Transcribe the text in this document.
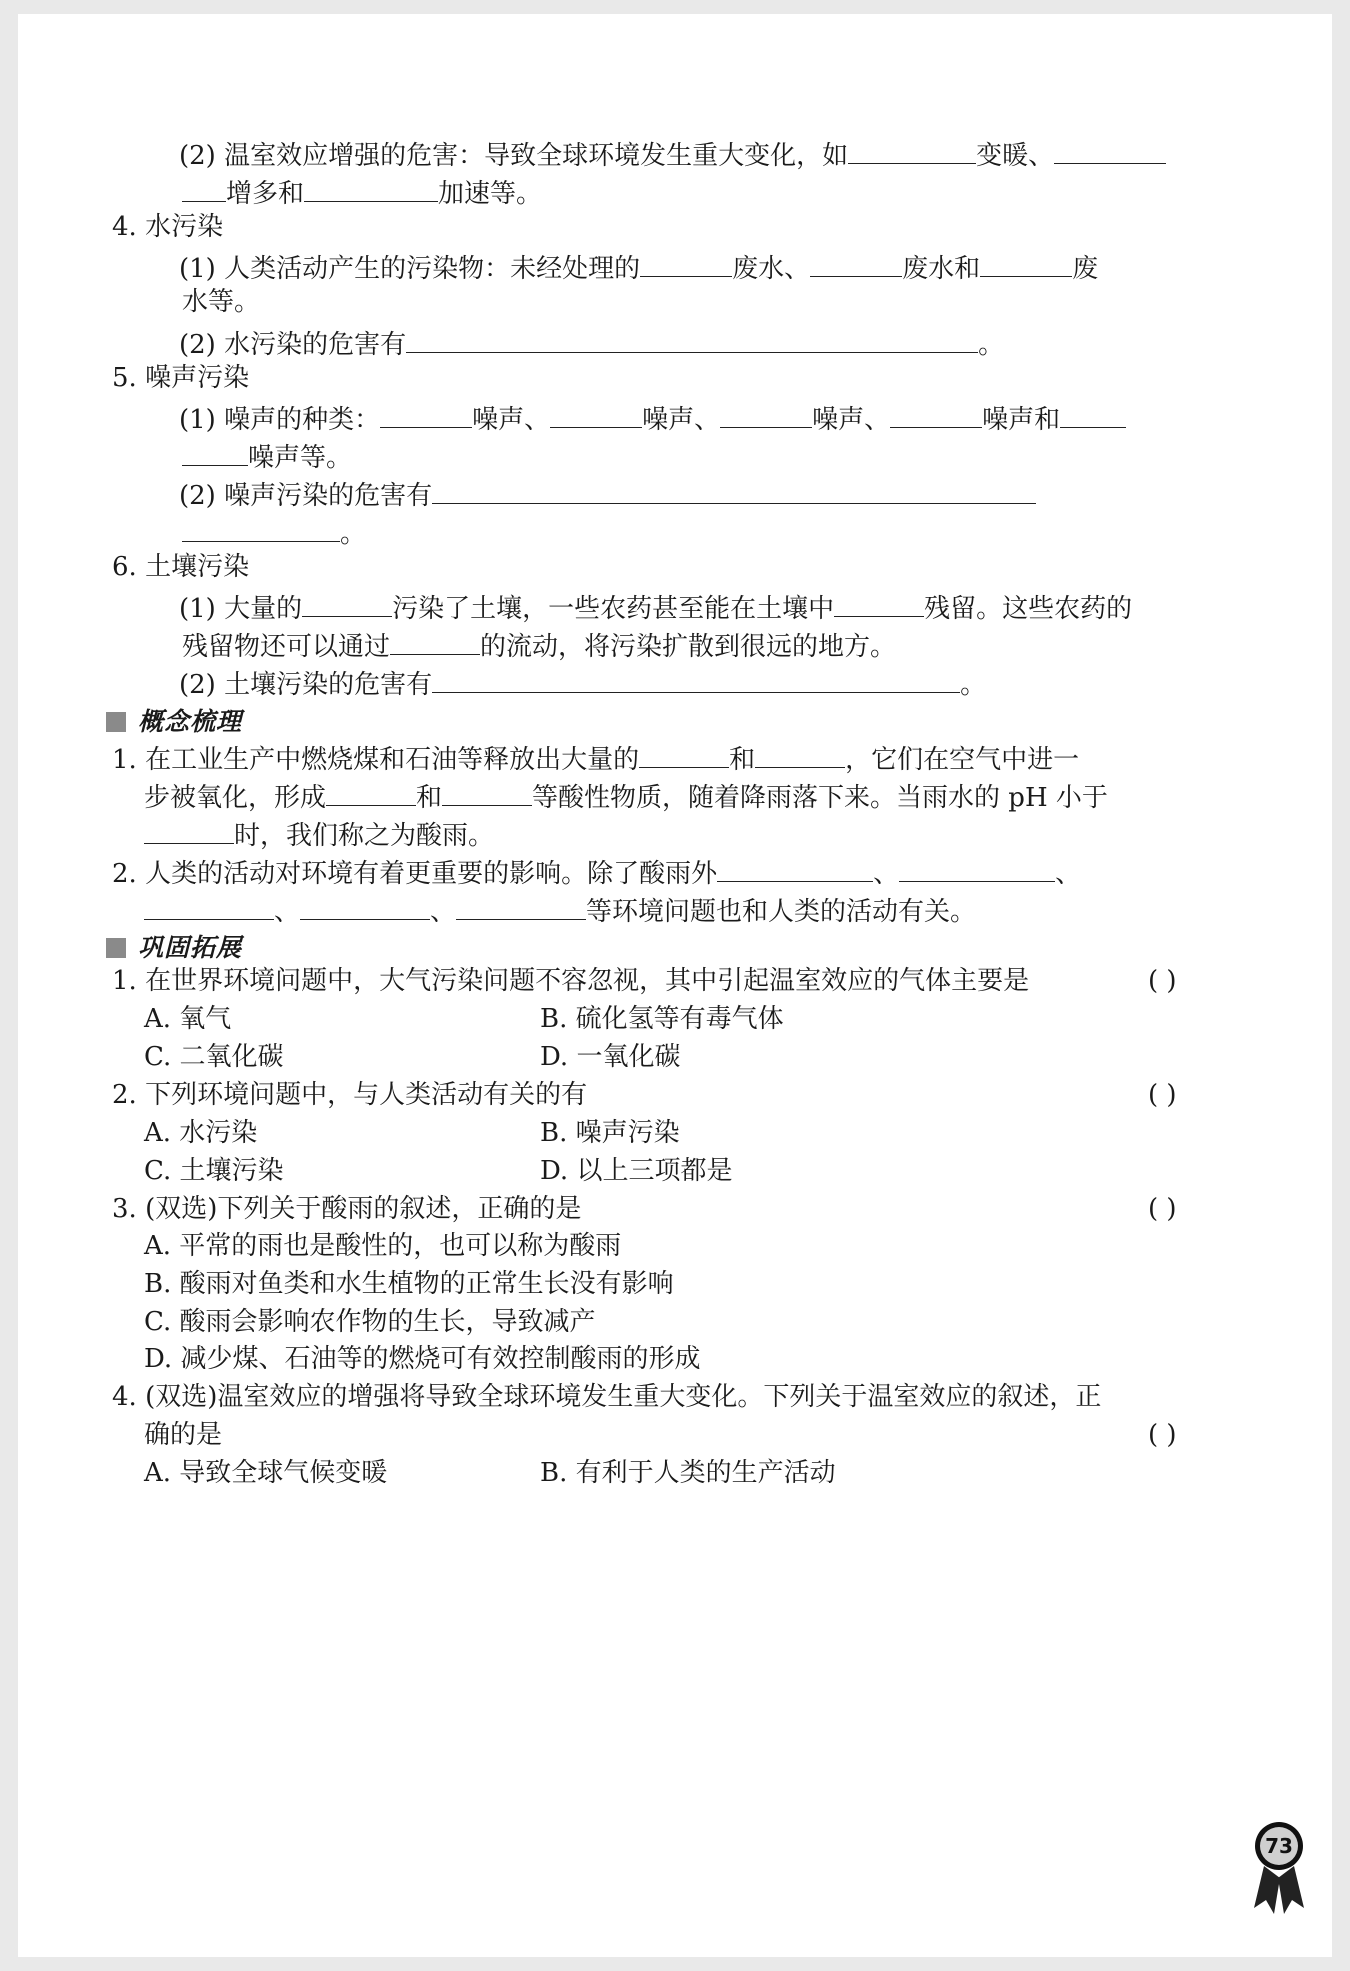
(2) 温室效应增强的危害：导致全球环境发生重大变化，如	变暖、
增多和	加速等。
4. 水污染
(1) 人类活动产生的污染物：未经处理的	废水、	废水和	废
水等。
(2) 水污染的危害有	。
5. 噪声污染
(1) 噪声的种类：	噪声、	噪声、	噪声、	噪声和
噪声等。
(2) 噪声污染的危害有
。
6. 土壤污染
(1) 大量的	污染了土壤，一些农药甚至能在土壤中	残留。这些农药的
残留物还可以通过	的流动，将污染扩散到很远的地方。
(2) 土壤污染的危害有	。
概念梳理
1. 在工业生产中燃烧煤和石油等释放出大量的	和	，它们在空气中进一
步被氧化，形成	和	等酸性物质，随着降雨落下来。当雨水的 pH 小于
时，我们称之为酸雨。
2. 人类的活动对环境有着更重要的影响。除了酸雨外	、	、
、	、	等环境问题也和人类的活动有关。
巩固拓展
1. 在世界环境问题中，大气污染问题不容忽视，其中引起温室效应的气体主要是	( )
A. 氧气	B. 硫化氢等有毒气体
C. 二氧化碳	D. 一氧化碳
2. 下列环境问题中，与人类活动有关的有	( )
A. 水污染	B. 噪声污染
C. 土壤污染	D. 以上三项都是
3. (双选)下列关于酸雨的叙述，正确的是	( )
A. 平常的雨也是酸性的，也可以称为酸雨
B. 酸雨对鱼类和水生植物的正常生长没有影响
C. 酸雨会影响农作物的生长，导致减产
D. 减少煤、石油等的燃烧可有效控制酸雨的形成
4. (双选)温室效应的增强将导致全球环境发生重大变化。下列关于温室效应的叙述，正
确的是	( )
A. 导致全球气候变暖	B. 有利于人类的生产活动
73
